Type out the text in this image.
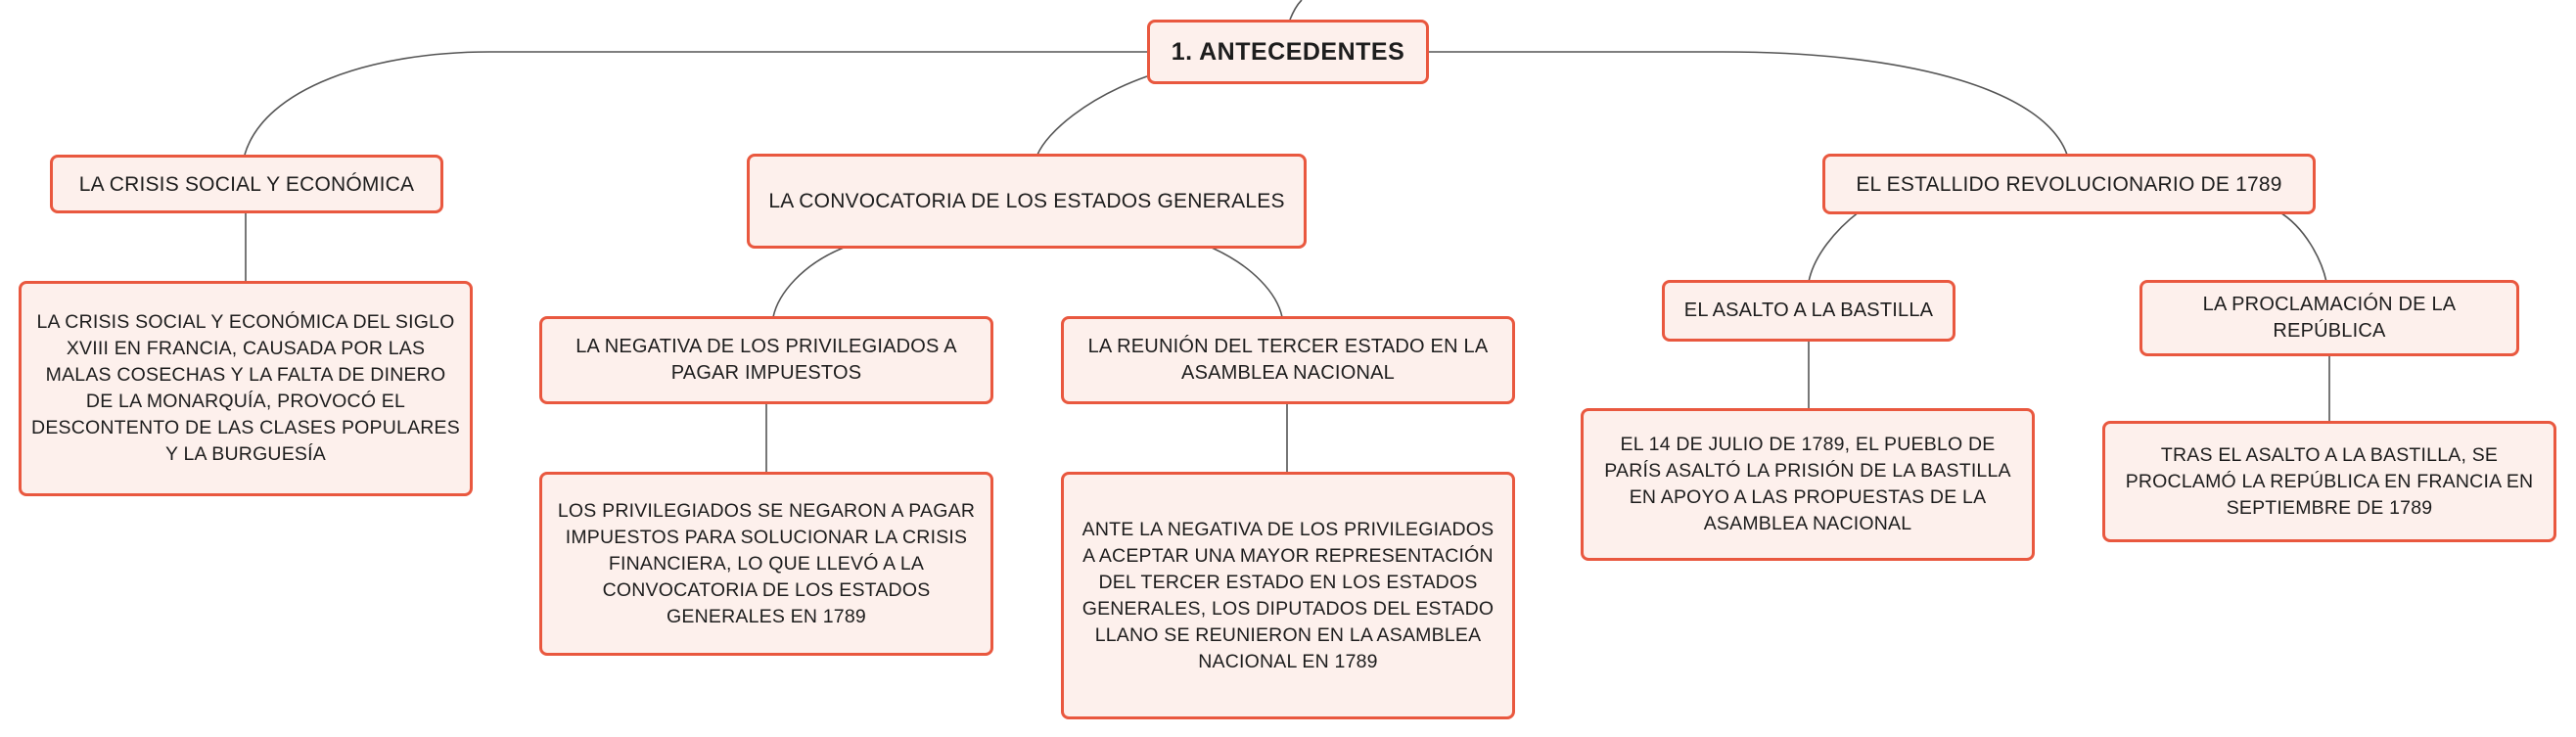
1. ANTECEDENTES
LA CRISIS SOCIAL Y ECONÓMICA
LA CRISIS SOCIAL Y ECONÓMICA DEL SIGLO XVIII EN FRANCIA, CAUSADA POR LAS MALAS COSECHAS Y LA FALTA DE DINERO DE LA MONARQUÍA, PROVOCÓ EL DESCONTENTO DE LAS CLASES POPULARES Y LA BURGUESÍA
LA CONVOCATORIA DE LOS ESTADOS GENERALES
LA NEGATIVA DE LOS PRIVILEGIADOS A PAGAR IMPUESTOS
LOS PRIVILEGIADOS SE NEGARON A PAGAR IMPUESTOS PARA SOLUCIONAR LA CRISIS FINANCIERA, LO QUE LLEVÓ A LA CONVOCATORIA DE LOS ESTADOS GENERALES EN 1789
LA REUNIÓN DEL TERCER ESTADO EN LA ASAMBLEA NACIONAL
ANTE LA NEGATIVA DE LOS PRIVILEGIADOS A ACEPTAR UNA MAYOR REPRESENTACIÓN DEL TERCER ESTADO EN LOS ESTADOS GENERALES, LOS DIPUTADOS DEL ESTADO LLANO SE REUNIERON EN LA ASAMBLEA NACIONAL EN 1789
EL ESTALLIDO REVOLUCIONARIO DE 1789
EL ASALTO A LA BASTILLA
EL 14 DE JULIO DE 1789, EL PUEBLO DE PARÍS ASALTÓ LA PRISIÓN DE LA BASTILLA EN APOYO A LAS PROPUESTAS DE LA ASAMBLEA NACIONAL
LA PROCLAMACIÓN DE LA REPÚBLICA
TRAS EL ASALTO A LA BASTILLA, SE PROCLAMÓ LA REPÚBLICA EN FRANCIA EN SEPTIEMBRE DE 1789
